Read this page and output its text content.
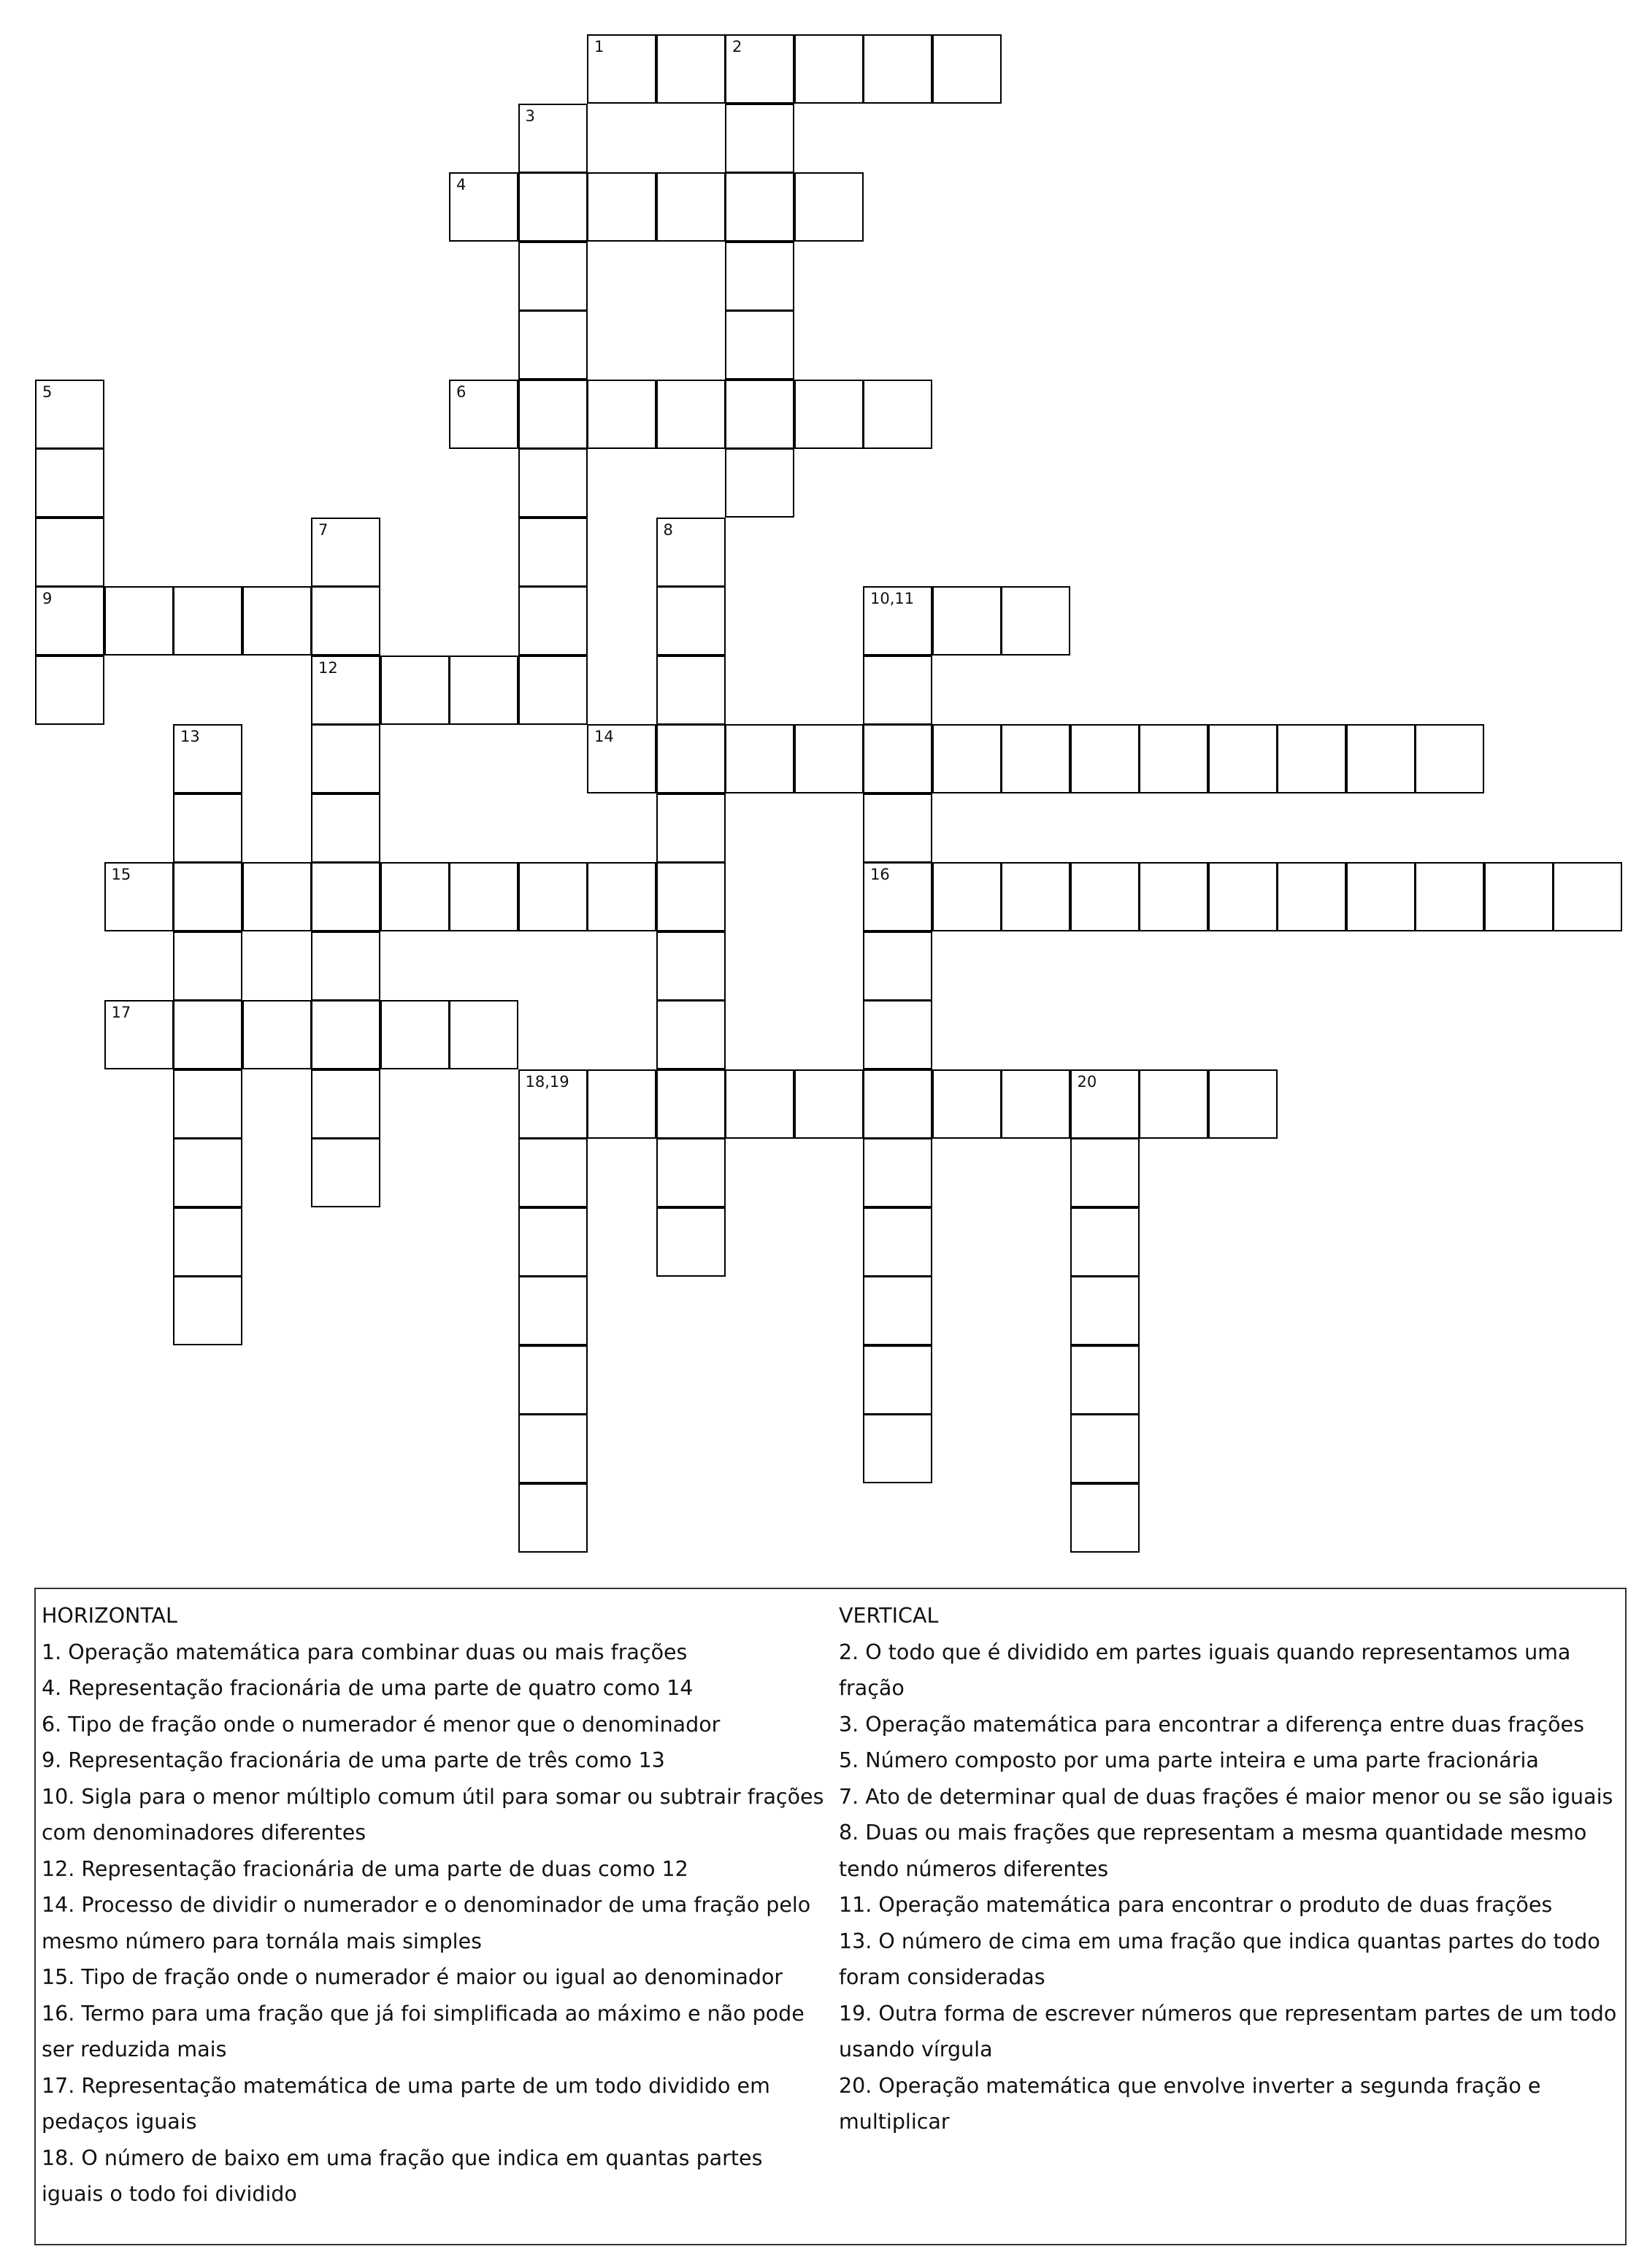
1	2
3
4
5	6
7	8
9	10,11
12
13	14
15	16
17
18,19	20

HORIZONTAL

1. Operação matemática para combinar duas ou mais frações

4. Representação fracionária de uma parte de quatro como 14

6. Tipo de fração onde o numerador é menor que o denominador

9. Representação fracionária de uma parte de três como 13

10. Sigla para o menor múltiplo comum útil para somar ou subtrair frações com denominadores diferentes

12. Representação fracionária de uma parte de duas como 12

14. Processo de dividir o numerador e o denominador de uma fração pelo mesmo número para tornála mais simples

15. Tipo de fração onde o numerador é maior ou igual ao denominador

16. Termo para uma fração que já foi simplificada ao máximo e não pode ser reduzida mais

17. Representação matemática de uma parte de um todo dividido em pedaços iguais

18. O número de baixo em uma fração que indica em quantas partes iguais o todo foi dividido

VERTICAL

2. O todo que é dividido em partes iguais quando representamos uma fração

3. Operação matemática para encontrar a diferença entre duas frações

5. Número composto por uma parte inteira e uma parte fracionária

7. Ato de determinar qual de duas frações é maior menor ou se são iguais

8. Duas ou mais frações que representam a mesma quantidade mesmo tendo números diferentes

11. Operação matemática para encontrar o produto de duas frações

13. O número de cima em uma fração que indica quantas partes do todo foram consideradas

19. Outra forma de escrever números que representam partes de um todo usando vírgula

20. Operação matemática que envolve inverter a segunda fração e multiplicar
